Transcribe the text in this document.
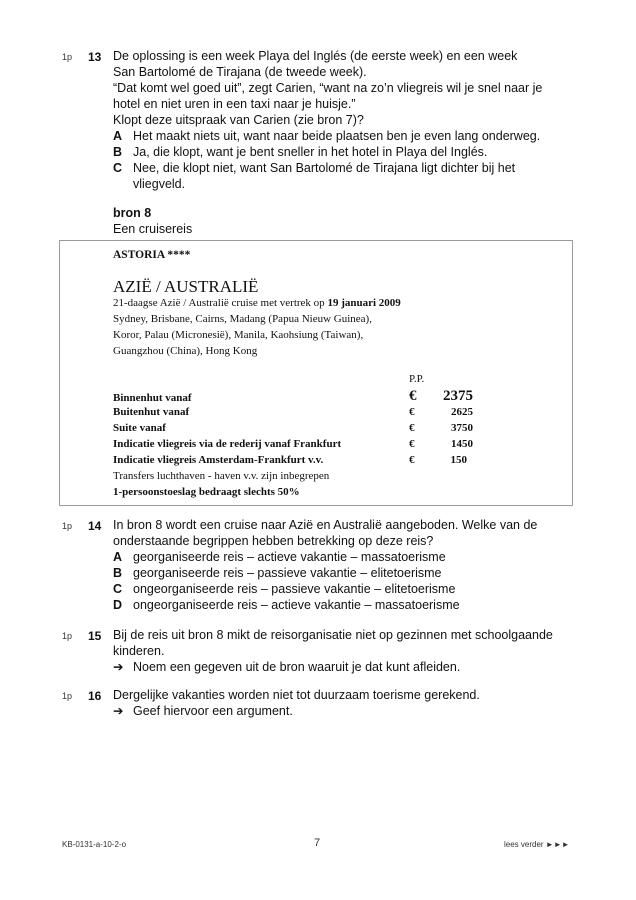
1p 13 De oplossing is een week Playa del Inglés (de eerste week) en een week
San Bartolomé de Tirajana (de tweede week).
“Dat komt wel goed uit”, zegt Carien, “want na zo’n vliegreis wil je snel naar je
hotel en niet uren in een taxi naar je huisje.”
Klopt deze uitspraak van Carien (zie bron 7)?
A Het maakt niets uit, want naar beide plaatsen ben je even lang onderweg.
B Ja, die klopt, want je bent sneller in het hotel in Playa del Inglés.
C Nee, die klopt niet, want San Bartolomé de Tirajana ligt dichter bij het
vliegveld.
bron 8
Een cruisereis
ASTORIA ****
AZIË / AUSTRALIË
21-daagse Azië / Australië cruise met vertrek op 19 januari 2009
Sydney, Brisbane, Cairns, Madang (Papua Nieuw Guinea),
Koror, Palau (Micronesië), Manila, Kaohsiung (Taiwan),
Guangzhou (China), Hong Kong
P.P.
Binnenhut vanaf	€ 2375
Buitenhut vanaf	€	2625
Suite vanaf	€	3750
Indicatie vliegreis via de rederij vanaf Frankfurt	€	1450
Indicatie vliegreis Amsterdam-Frankfurt v.v.	€	150
Transfers luchthaven - haven v.v. zijn inbegrepen
1-persoonstoeslag bedraagt slechts 50%
1p 14 In bron 8 wordt een cruise naar Azië en Australië aangeboden. Welke van de
onderstaande begrippen hebben betrekking op deze reis?
A georganiseerde reis – actieve vakantie – massatoerisme
B georganiseerde reis – passieve vakantie – elitetoerisme
C ongeorganiseerde reis – passieve vakantie – elitetoerisme
D ongeorganiseerde reis – actieve vakantie – massatoerisme
1p 15 Bij de reis uit bron 8 mikt de reisorganisatie niet op gezinnen met schoolgaande
kinderen.
➔ Noem een gegeven uit de bron waaruit je dat kunt afleiden.
1p 16 Dergelijke vakanties worden niet tot duurzaam toerisme gerekend.
➔ Geef hiervoor een argument.
KB-0131-a-10-2-o	7	lees verder ►►►
